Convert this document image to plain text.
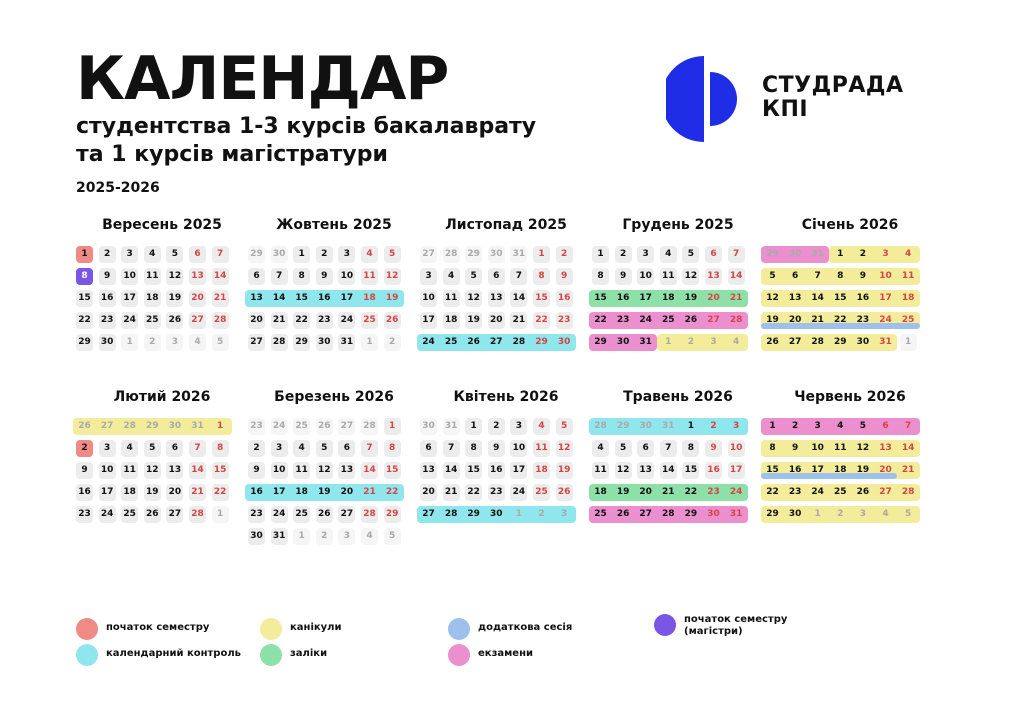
КАЛЕНДАР
студентства 1-3 курсів бакалаврату
та 1 курсів магістратури
2025-2026
СТУДРАДА
КПІ
Вересень 2025
1	2	3	4	5	6	7
8	9	10 11 12 13 14
15 16 17 18 19 20 21
22 23 24 25 26 27 28
29 30	1	2	3	4	5
Жовтень 2025
29 30	1	2	3	4	5
6	7	8	9	10 11 12
13 14 15 16 17 18 19
20 21 22 23 24 25 26
27 28 29 30 31	1	2
Листопад 2025
27 28 29 30 31	1	2
3	4	5	6	7	8	9
10 11 12 13 14 15 16
17 18 19 20 21 22 23
24 25 26 27 28 29 30
Грудень 2025
1	2	3	4	5	6	7
8	9	10 11 12 13 14
15 16 17 18 19 20 21
22 23 24 25 26 27 28
29 30 31	1	2	3	4
Січень 2026
29 30 31	1	2	3	4
5	6	7	8	9	10 11
12 13 14 15 16 17 18
19 20 21 22 23 24 25
26 27 28 29 30 31	1
Лютий 2026
26 27 28 29 30 31	1
2	3	4	5	6	7	8
9	10 11 12 13 14 15
16 17 18 19 20 21 22
23 24 25 26 27 28	1
Березень 2026
23 24 25 26 27 28	1
2	3	4	5	6	7	8
9	10 11 12 13 14 15
16 17 18 19 20 21 22
23 24 25 26 27 28 29
30 31	1	2	3	4	5
Квітень 2026
30 31	1	2	3	4	5
6	7	8	9	10 11 12
13 14 15 16 17 18 19
20 21 22 23 24 25 26
27 28 29 30	1	2	3
Травень 2026
28 29 30 31	1	2	3
4	5	6	7	8	9	10
11 12 13 14 15 16 17
18 19 20 21 22 23 24
25 26 27 28 29 30 31
Червень 2026
1	2	3	4	5	6	7
8	9	10 11 12 13 14
15 16 17 18 19 20 21
22 23 24 25 26 27 28
29 30	1	2	3	4	5
початок семестру
календарний контроль
канікули
заліки
додаткова сесія
екзамени
початок семестру (магістри)
